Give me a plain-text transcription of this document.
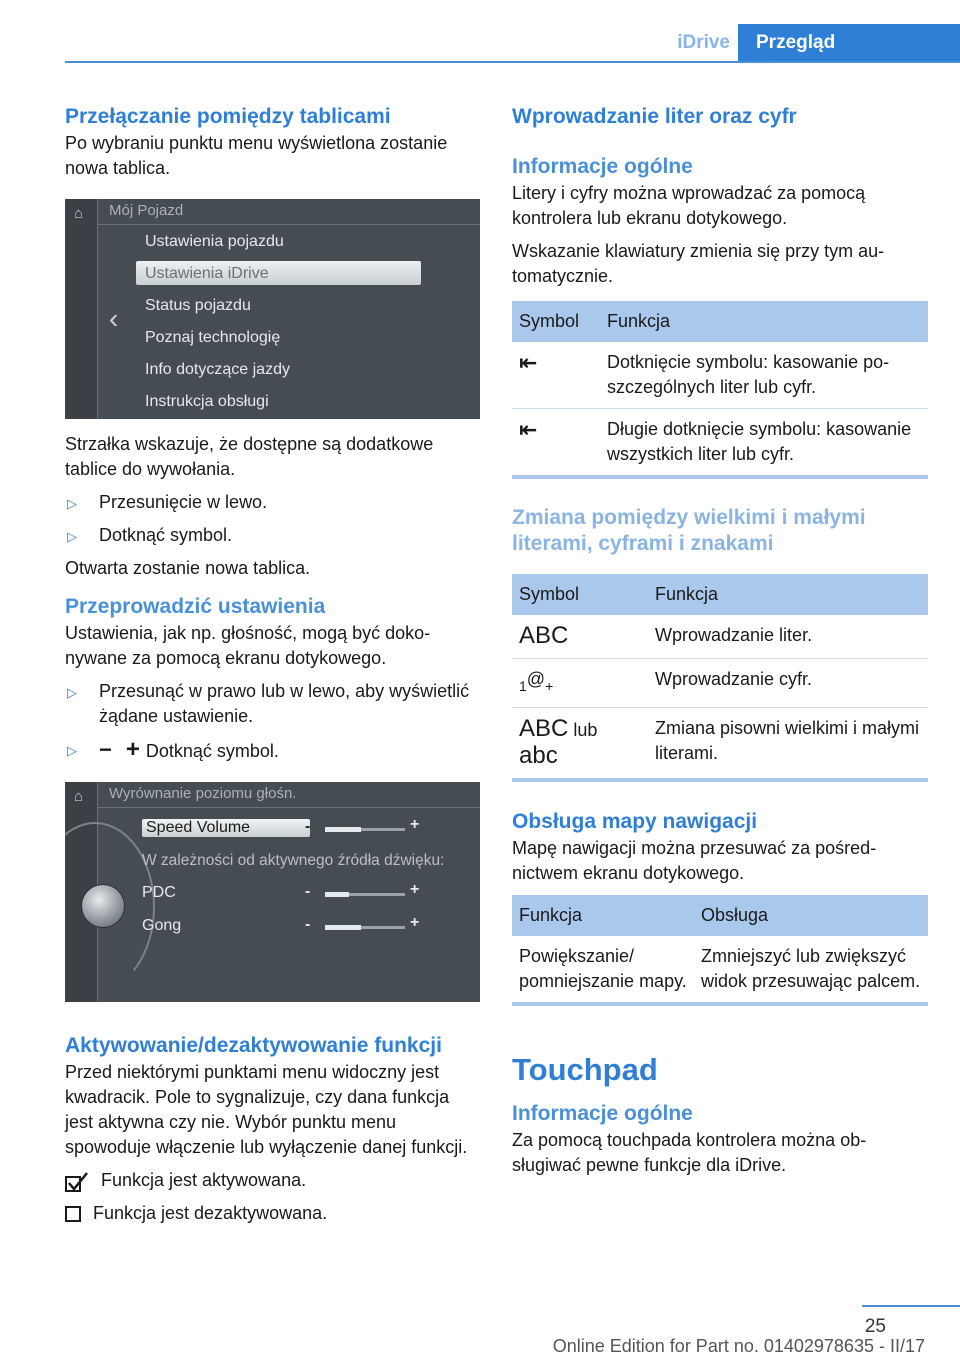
iDrive	Przegląd
Przełączanie pomiędzy tablicami

Po wybraniu punktu menu wyświetlona zostanie nowa tablica.

⌂ Mój Pojazd
‹
Ustawienia pojazdu
Ustawienia iDrive
Status pojazdu
Poznaj technologię
Info dotyczące jazdy
Instrukcja obsługi

Strzałka wskazuje, że dostępne są dodatkowe tablice do wywołania.

▷
Przesunięcie w lewo.
▷
Dotknąć symbol.

Otwarta zostanie nowa tablica.

Przeprowadzić ustawienia

Ustawienia, jak np. głośność, mogą być dokonywane za pomocą ekranu dotykowego.

▷
Przesunąć w prawo lub w lewo, aby wyświetlić żądane ustawienie.
▷
− + Dotknąć symbol.
⌂ Wyrównanie poziomu głośn.
Speed Volume	-	+
W zależności od aktywnego źródła dźwięku:
PDC	-	+
Gong	-	+
Aktywowanie/dezaktywowanie funkcji

Przed niektórymi punktami menu widoczny jest kwadracik. Pole to sygnalizuje, czy dana funkcja jest aktywna czy nie. Wybór punktu menu spowoduje włączenie lub wyłączenie danej funkcji.

Funkcja jest aktywowana.
Funkcja jest dezaktywowana.
Wprowadzanie liter oraz cyfr
Informacje ogólne

Litery i cyfry można wprowadzać za pomocą kontrolera lub ekranu dotykowego.

Wskazanie klawiatury zmienia się przy tym automatycznie.

Symbol	Funkcja
⇤	Dotknięcie symbolu: kasowanie poszczególnych liter lub cyfr.
⇤	Długie dotknięcie symbolu: kasowanie wszystkich liter lub cyfr.
Zmiana pomiędzy wielkimi i małymi literami, cyframi i znakami
Symbol	Funkcja
ABC	Wprowadzanie liter.
1@+	Wprowadzanie cyfr.
ABC lub
abc	Zmiana pisowni wielkimi i małymi literami.
Obsługa mapy nawigacji

Mapę nawigacji można przesuwać za pośrednictwem ekranu dotykowego.

Funkcja	Obsługa
Powiększanie/ pomniejszanie mapy.	Zmniejszyć lub zwiększyć widok przesuwając palcem.
Touchpad
Informacje ogólne

Za pomocą touchpada kontrolera można obsługiwać pewne funkcje dla iDrive.

25
Online Edition for Part no. 01402978635 - II/17
